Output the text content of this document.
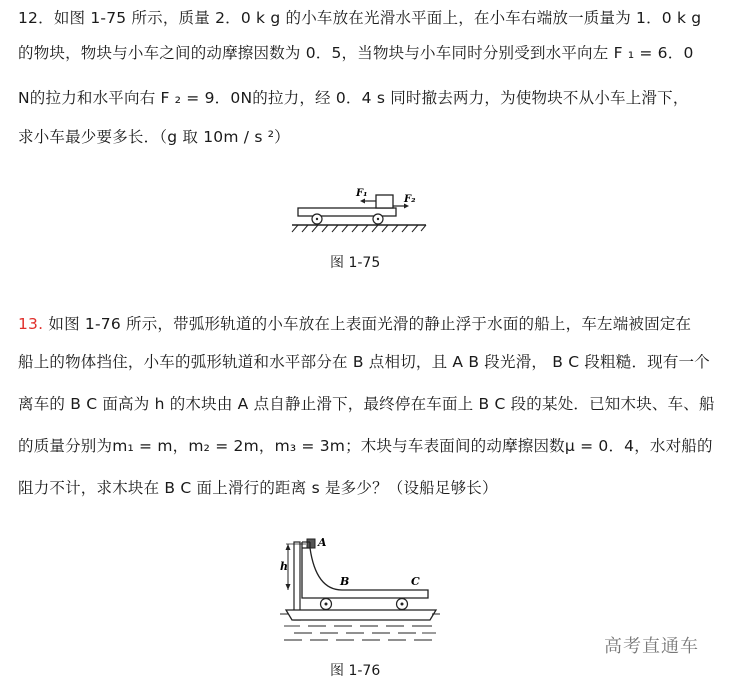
12．如图 1-75 所示，质量 2．0 k g 的小车放在光滑水平面上，在小车右端放一质量为 1．0 k g
的物块，物块与小车之间的动摩擦因数为 0．5，当物块与小车同时分别受到水平向左 F ₁ = 6．0
N的拉力和水平向右 F ₂ = 9．0N的拉力，经 0．4 s 同时撤去两力，为使物块不从小车上滑下，
求小车最少要多长．（g 取 10m / s ²）
F₁
F₂
图 1-75
13. 如图 1-76 所示，带弧形轨道的小车放在上表面光滑的静止浮于水面的船上，车左端被固定在
船上的物体挡住，小车的弧形轨道和水平部分在 B 点相切，且 A B 段光滑， B C 段粗糙．现有一个
离车的 B C 面高为 h 的木块由 A 点自静止滑下，最终停在车面上 B C 段的某处．已知木块、车、船
的质量分别为m₁ = m，m₂ = 2m，m₃ = 3m；木块与车表面间的动摩擦因数μ = 0．4，水对船的
阻力不计，求木块在 B C 面上滑行的距离 s 是多少？（设船足够长）
A
h
B	C
图 1-76
高考直通车
